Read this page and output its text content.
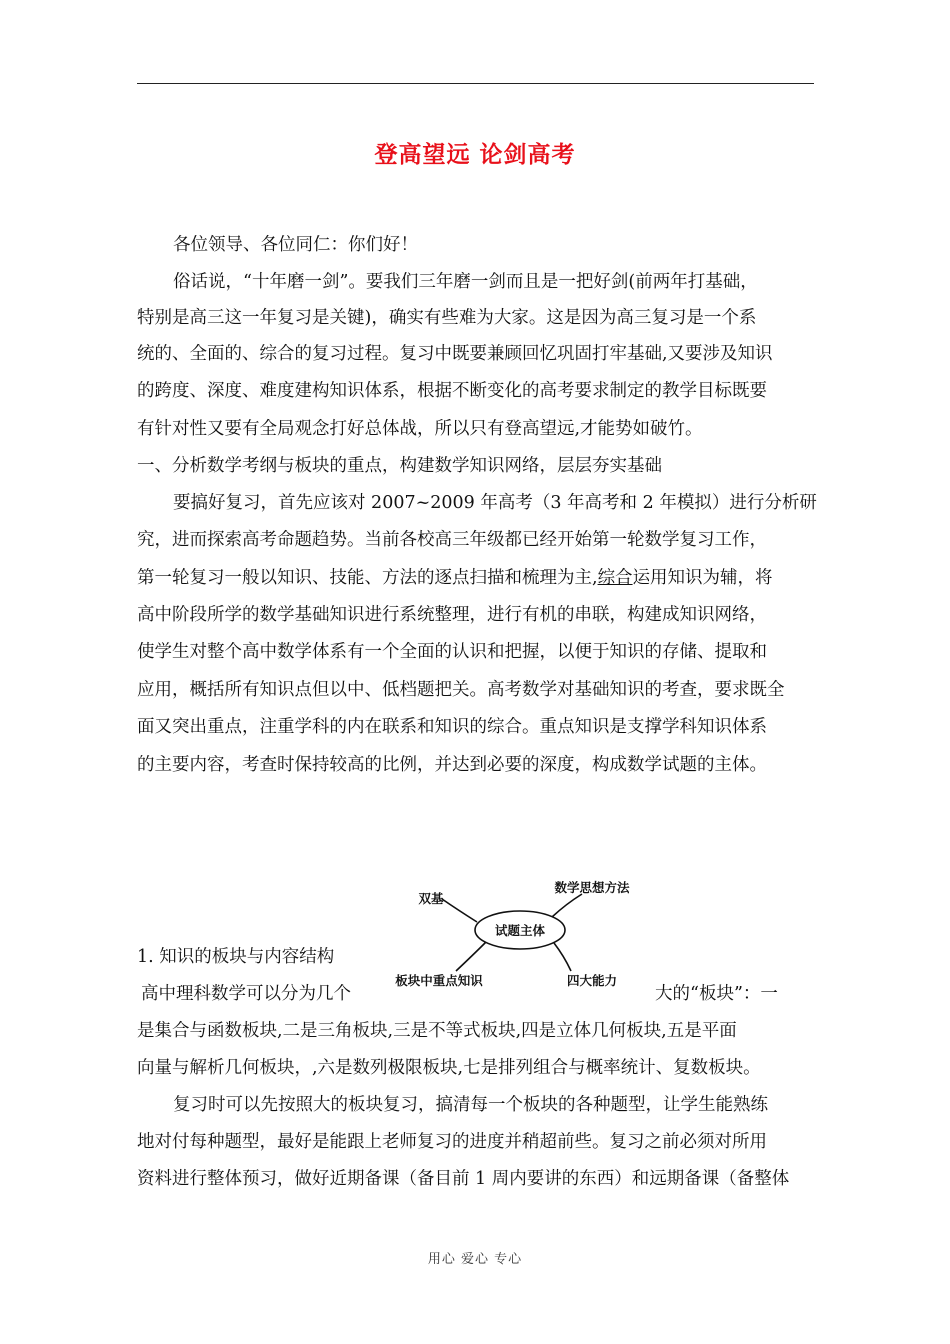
登高望远 论剑高考
各位领导、各位同仁：你们好！
俗话说，“十年磨一剑”。要我们三年磨一剑而且是一把好剑(前两年打基础，
特别是高三这一年复习是关键)，确实有些难为大家。这是因为高三复习是一个系
统的、全面的、综合的复习过程。复习中既要兼顾回忆巩固打牢基础,又要涉及知识
的跨度、深度、难度建构知识体系，根据不断变化的高考要求制定的教学目标既要
有针对性又要有全局观念打好总体战，所以只有登高望远,才能势如破竹。
一、分析数学考纲与板块的重点，构建数学知识网络，层层夯实基础
要搞好复习，首先应该对 2007~2009 年高考（3 年高考和 2 年模拟）进行分析研
究，进而探索高考命题趋势。当前各校高三年级都已经开始第一轮数学复习工作，
第一轮复习一般以知识、技能、方法的逐点扫描和梳理为主,综合运用知识为辅，将
高中阶段所学的数学基础知识进行系统整理，进行有机的串联，构建成知识网络，
使学生对整个高中数学体系有一个全面的认识和把握，以便于知识的存储、提取和
应用，概括所有知识点但以中、低档题把关。高考数学对基础知识的考查，要求既全
面又突出重点，注重学科的内在联系和知识的综合。重点知识是支撑学科知识体系
的主要内容，考查时保持较高的比例，并达到必要的深度，构成数学试题的主体。
试题主体
双基
数学思想方法
板块中重点知识	四大能力
1. 知识的板块与内容结构
高中理科数学可以分为几个	大的“板块”：一
是集合与函数板块,二是三角板块,三是不等式板块,四是立体几何板块,五是平面
向量与解析几何板块，,六是数列极限板块,七是排列组合与概率统计、复数板块。
复习时可以先按照大的板块复习，搞清每一个板块的各种题型，让学生能熟练
地对付每种题型，最好是能跟上老师复习的进度并稍超前些。复习之前必须对所用
资料进行整体预习，做好近期备课（备目前 1 周内要讲的东西）和远期备课（备整体
用心 爱心 专心
